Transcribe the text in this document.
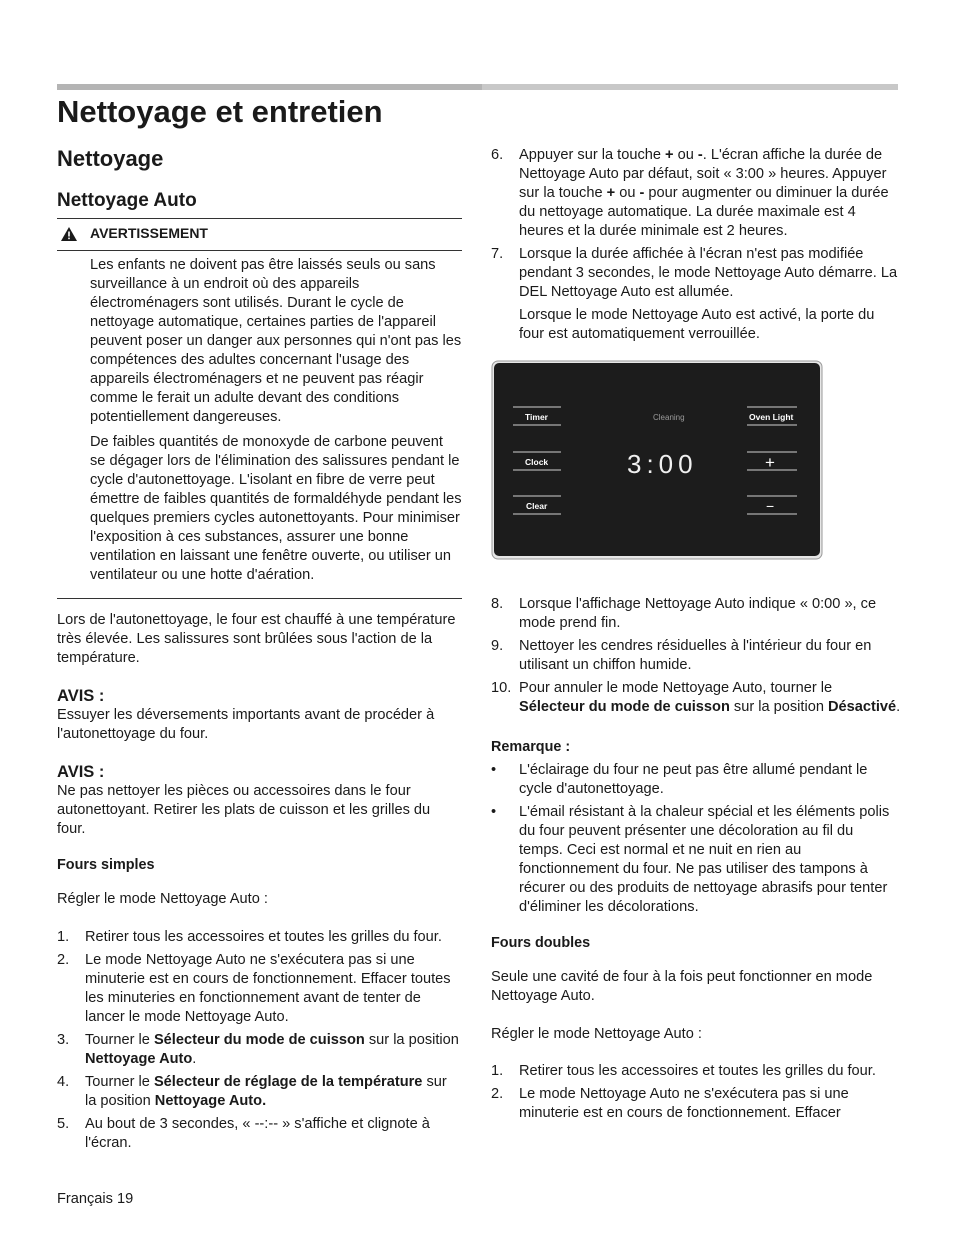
Nettoyage et entretien
Nettoyage
Nettoyage Auto
AVERTISSEMENT

Les enfants ne doivent pas être laissés seuls ou sans surveillance à un endroit où des appareils électroménagers sont utilisés. Durant le cycle de nettoyage automatique, certaines parties de l'appareil peuvent poser un danger aux personnes qui n'ont pas les compétences des adultes concernant l'usage des appareils électroménagers et ne peuvent pas réagir comme le ferait un adulte devant des conditions potentiellement dangereuses.

De faibles quantités de monoxyde de carbone peuvent se dégager lors de l'élimination des salissures pendant le cycle d'autonettoyage. L'isolant en fibre de verre peut émettre de faibles quantités de formaldéhyde pendant les quelques premiers cycles autonettoyants. Pour minimiser l'exposition à ces substances, assurer une bonne ventilation en laissant une fenêtre ouverte, ou utiliser un ventilateur ou une hotte d'aération.

Lors de l'autonettoyage, le four est chauffé à une température très élevée. Les salissures sont brûlées sous l'action de la température.

AVIS :

Essuyer les déversements importants avant de procéder à l'autonettoyage du four.

AVIS :

Ne pas nettoyer les pièces ou accessoires dans le four autonettoyant. Retirer les plats de cuisson et les grilles du four.

Fours simples

Régler le mode Nettoyage Auto :

1. Retirer tous les accessoires et toutes les grilles du four.
2. Le mode Nettoyage Auto ne s'exécutera pas si une minuterie est en cours de fonctionnement. Effacer toutes les minuteries en fonctionnement avant de tenter de lancer le mode Nettoyage Auto.
3. Tourner le Sélecteur du mode de cuisson sur la position Nettoyage Auto.
4. Tourner le Sélecteur de réglage de la température sur la position Nettoyage Auto.
5. Au bout de 3 secondes, « --:-- » s'affiche et clignote à l'écran.
6. Appuyer sur la touche + ou -. L'écran affiche la durée de Nettoyage Auto par défaut, soit « 3:00 » heures. Appuyer sur la touche + ou - pour augmenter ou diminuer la durée du nettoyage automatique. La durée maximale est 4 heures et la durée minimale est 2 heures.
7. Lorsque la durée affichée à l'écran n'est pas modifiée pendant 3 secondes, le mode Nettoyage Auto démarre. La DEL Nettoyage Auto est allumée.

Lorsque le mode Nettoyage Auto est activé, la porte du four est automatiquement verrouillée.

Timer
Clock
Clear
Cleaning
3:00
Oven Light
+
−
8. Lorsque l'affichage Nettoyage Auto indique « 0:00 », ce mode prend fin.
9. Nettoyer les cendres résiduelles à l'intérieur du four en utilisant un chiffon humide.
10. Pour annuler le mode Nettoyage Auto, tourner le Sélecteur du mode de cuisson sur la position Désactivé.
Remarque :
• L'éclairage du four ne peut pas être allumé pendant le cycle d'autonettoyage.
• L'émail résistant à la chaleur spécial et les éléments polis du four peuvent présenter une décoloration au fil du temps. Ceci est normal et ne nuit en rien au fonctionnement du four. Ne pas utiliser des tampons à récurer ou des produits de nettoyage abrasifs pour tenter d'éliminer les décolorations.
Fours doubles

Seule une cavité de four à la fois peut fonctionner en mode Nettoyage Auto.

Régler le mode Nettoyage Auto :

1. Retirer tous les accessoires et toutes les grilles du four.
2. Le mode Nettoyage Auto ne s'exécutera pas si une minuterie est en cours de fonctionnement. Effacer
Français 19
